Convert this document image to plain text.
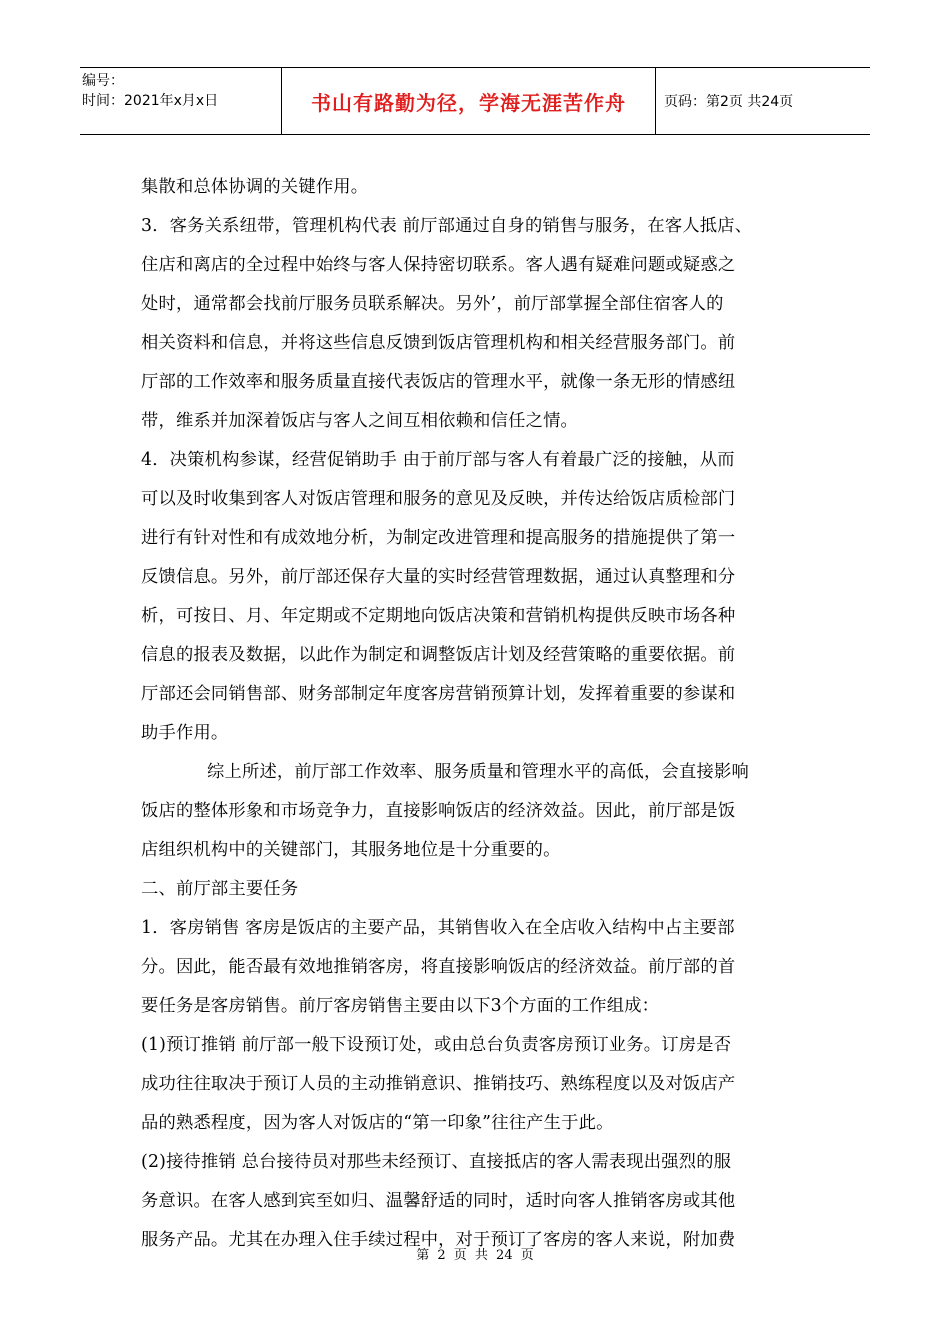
编号：
时间：2021年x月x日	书山有路勤为径，学海无涯苦作舟	页码：第2页 共24页

集散和总体协调的关键作用。

3．客务关系纽带，管理机构代表 前厅部通过自身的销售与服务，在客人抵店、

住店和离店的全过程中始终与客人保持密切联系。客人遇有疑难问题或疑惑之

处时，通常都会找前厅服务员联系解决。另外’，前厅部掌握全部住宿客人的

相关资料和信息，并将这些信息反馈到饭店管理机构和相关经营服务部门。前

厅部的工作效率和服务质量直接代表饭店的管理水平，就像一条无形的情感纽

带，维系并加深着饭店与客人之间互相依赖和信任之情。

4．决策机构参谋，经营促销助手 由于前厅部与客人有着最广泛的接触，从而

可以及时收集到客人对饭店管理和服务的意见及反映，并传达给饭店质检部门

进行有针对性和有成效地分析，为制定改进管理和提高服务的措施提供了第一

反馈信息。另外，前厅部还保存大量的实时经营管理数据，通过认真整理和分

析，可按日、月、年定期或不定期地向饭店决策和营销机构提供反映市场各种

信息的报表及数据，以此作为制定和调整饭店计划及经营策略的重要依据。前

厅部还会同销售部、财务部制定年度客房营销预算计划，发挥着重要的参谋和

助手作用。

综上所述，前厅部工作效率、服务质量和管理水平的高低，会直接影响

饭店的整体形象和市场竞争力，直接影响饭店的经济效益。因此，前厅部是饭

店组织机构中的关键部门，其服务地位是十分重要的。

二、前厅部主要任务

1．客房销售 客房是饭店的主要产品，其销售收入在全店收入结构中占主要部

分。因此，能否最有效地推销客房，将直接影响饭店的经济效益。前厅部的首

要任务是客房销售。前厅客房销售主要由以下3个方面的工作组成：

(1)预订推销 前厅部一般下设预订处，或由总台负责客房预订业务。订房是否

成功往往取决于预订人员的主动推销意识、推销技巧、熟练程度以及对饭店产

品的熟悉程度，因为客人对饭店的“第一印象”往往产生于此。

(2)接待推销 总台接待员对那些未经预订、直接抵店的客人需表现出强烈的服

务意识。在客人感到宾至如归、温馨舒适的同时，适时向客人推销客房或其他

服务产品。尤其在办理入住手续过程中，对于预订了客房的客人来说，附加费

第 2 页 共 24 页
